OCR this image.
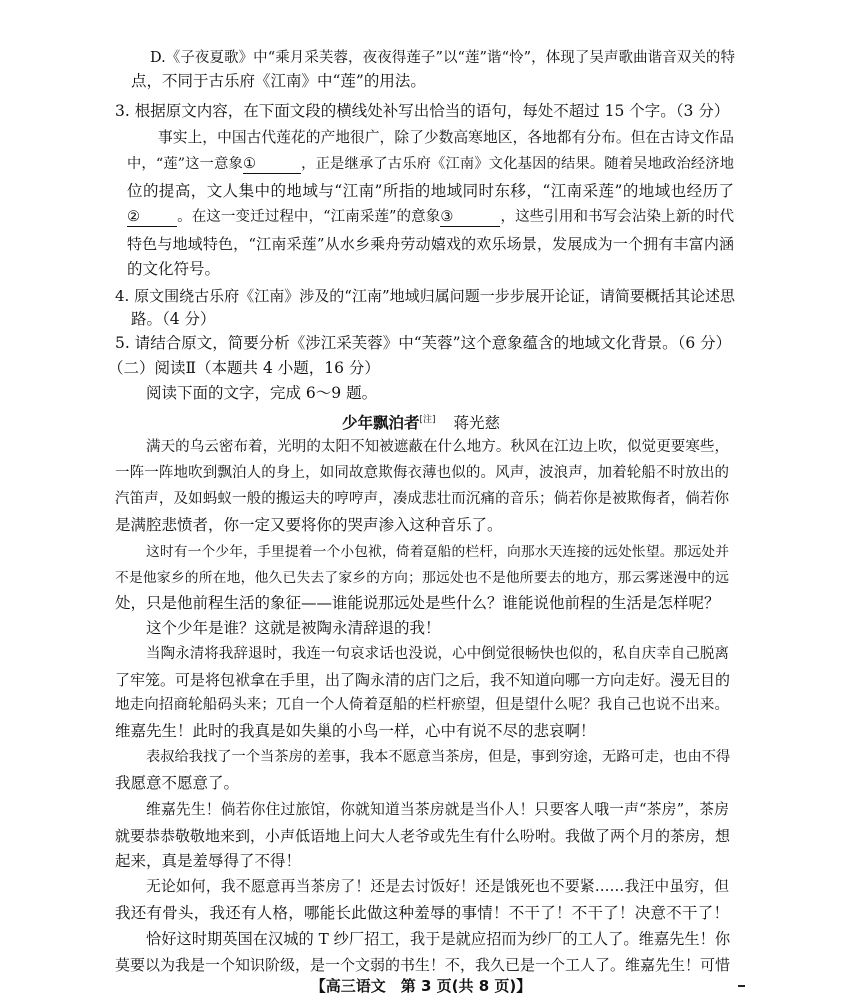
D.《子夜夏歌》中“乘月采芙蓉，夜夜得莲子”以“莲”谐“怜”，体现了吴声歌曲谐音双关的特
点，不同于古乐府《江南》中“莲”的用法。
3. 根据原文内容，在下面文段的横线处补写出恰当的语句，每处不超过 15 个字。（3 分）
事实上，中国古代莲花的产地很广，除了少数高寒地区，各地都有分布。但在古诗文作品
中，“莲”这一意象①	，正是继承了古乐府《江南》文化基因的结果。随着吴地政治经济地
位的提高，文人集中的地域与“江南”所指的地域同时东移，“江南采莲”的地域也经历了
②	。在这一变迁过程中，“江南采莲”的意象③	，这些引用和书写会沾染上新的时代
特色与地域特色，“江南采莲”从水乡乘舟劳动嬉戏的欢乐场景，发展成为一个拥有丰富内涵
的文化符号。
4. 原文围绕古乐府《江南》涉及的“江南”地域归属问题一步步展开论证，请简要概括其论述思
路。（4 分）
5. 请结合原文，简要分析《涉江采芙蓉》中“芙蓉”这个意象蕴含的地域文化背景。（6 分）
（二）阅读Ⅱ（本题共 4 小题，16 分）
阅读下面的文字，完成 6～9 题。
少年飘泊者[注] 蒋光慈
满天的乌云密布着，光明的太阳不知被遮蔽在什么地方。秋风在江边上吹，似觉更要寒些，
一阵一阵地吹到飘泊人的身上，如同故意欺侮衣薄也似的。风声，波浪声，加着轮船不时放出的
汽笛声，及如蚂蚁一般的搬运夫的哼哼声，凑成悲壮而沉痛的音乐；倘若你是被欺侮者，倘若你
是满腔悲愤者，你一定又要将你的哭声渗入这种音乐了。
这时有一个少年，手里提着一个小包袱，倚着趸船的栏杆，向那水天连接的远处怅望。那远处并
不是他家乡的所在地，他久已失去了家乡的方向；那远处也不是他所要去的地方，那云雾迷漫中的远
处，只是他前程生活的象征——谁能说那远处是些什么？谁能说他前程的生活是怎样呢？
这个少年是谁？这就是被陶永清辞退的我！
当陶永清将我辞退时，我连一句哀求话也没说，心中倒觉很畅快也似的，私自庆幸自己脱离
了牢笼。可是将包袱拿在手里，出了陶永清的店门之后，我不知道向哪一方向走好。漫无目的
地走向招商轮船码头来；兀自一个人倚着趸船的栏杆瘀望，但是望什么呢？我自己也说不出来。
维嘉先生！此时的我真是如失巢的小鸟一样，心中有说不尽的悲哀啊！
表叔给我找了一个当茶房的差事，我本不愿意当茶房，但是，事到穷途，无路可走，也由不得
我愿意不愿意了。
维嘉先生！倘若你住过旅馆，你就知道当茶房就是当仆人！只要客人哦一声“茶房”，茶房
就要恭恭敬敬地来到，小声低语地上问大人老爷或先生有什么吩咐。我做了两个月的茶房，想
起来，真是羞辱得了不得！
无论如何，我不愿意再当茶房了！还是去讨饭好！还是饿死也不要紧……我汪中虽穷，但
我还有骨头，我还有人格，哪能长此做这种羞辱的事情！不干了！不干了！决意不干了！
恰好这时期英国在汉城的 T 纱厂招工，我于是就应招而为纱厂的工人了。维嘉先生！你
莫要以为我是一个知识阶级，是一个文弱的书生！不，我久已是一个工人了。维嘉先生！可惜
【高三语文　第 3 页(共 8 页)】
